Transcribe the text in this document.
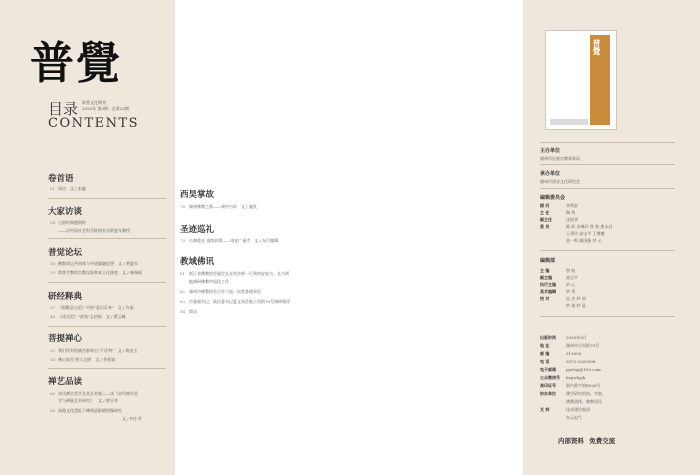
普覺
目录 简普文化期刊
2020年 第3期 · 总第25期
CONTENTS
卷首语
01 周功 文 / 本编
大家访谈
04 古韵经典德润时
——访中国社会科学院研究员黄夏年教授
普觉论坛
16 佛教命运共同体与中道圆融思想 文 / 黄夏年
29 简普寺教的宗教仪轨和本土化演变 文 / 虞瑞福
研经释典
37 《阿毗昙心论》中的"意识乐身" 文 / 许丽
44 《成实论》"真如"义初探 文 / 翟云峰
菩提禅心
52 我们所有的痛苦都来自"不评判" 文 / 陈金玉
54 佛心如月 照人且照 文 / 余景斌
禅艺品读
60 宋代禅宗美学及其艺术观——读《宋代禅宗美
学与禅画艺术研究》 文 / 贾应华
68 丝路文化遗址下佛塔造影随图像研究
文 / 何小芳
西昊掌故
76 湖州佛教之路——到中古时 文 / 施发
圣迹巡礼
79 古刹重光 再续前缘——南安广福寺 文 / 东行编辑
教域佛讯
81 浙江省佛教协会副会长光泉法师一行到南安安吉、长兴两
地调研佛教中国化工作
82 湖州市佛教协会召开六届一次常务理事会
83 市委副书记、政法委书记夏文英莅临小西街79号调研指导
84 简讯
普覺
主办单位
湖州市民族宗教事务局
承办单位
湖州市清音文化研究会
编辑委员会
顾 问	李利安
主 任	陶 鸣
副主任	沈振华
委 员	陈 昕 宋琳玲 智 航 唐永昌
王勇玲 高宝平 王增德
金一鸣 顾国新 妙 心
编辑部
主 编	智 航
副主编	高宝平
执行主编	妙 心
美术编辑	妙 用
校 对	忠 杰 妙 同
妙 果 妙 意
出版时间	2020年9月
地 址	湖州市小西街79号
邮 编	313000
电 话	0572-2020098
电子邮箱	pjwhyj@163.com
公众微信号 hzpwhyjh
准印证号	浙内准字第E026号
协办单位	佛学研究机构、寺院、
佛教团体、佛教居民
支 持	佳成建设集团
东元电气
内部资料 免费交流
